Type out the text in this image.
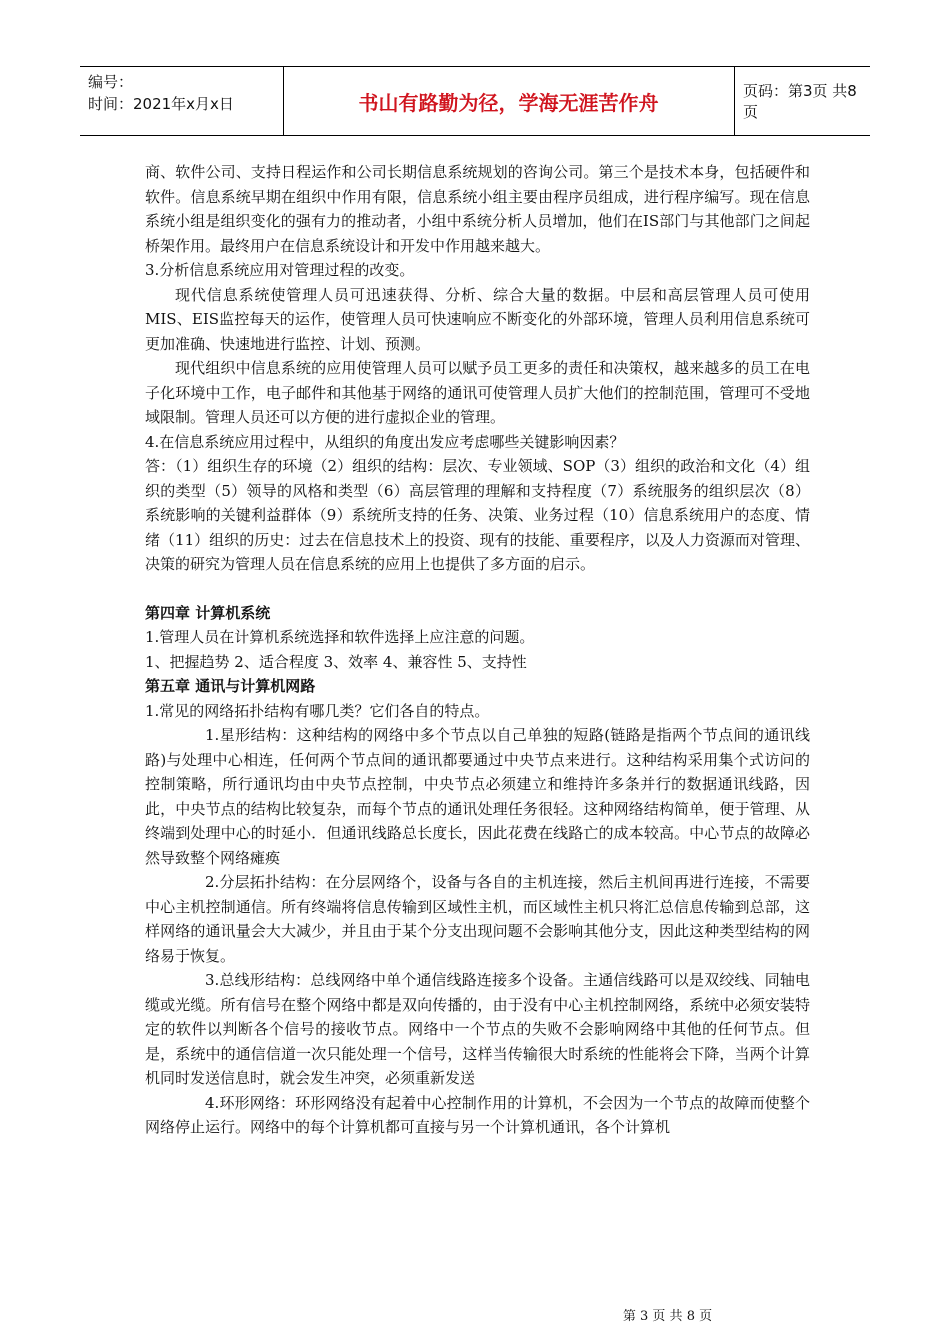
编号：
时间：2021年x月x日	书山有路勤为径，学海无涯苦作舟	页码：第3页 共8页

商、软件公司、支持日程运作和公司长期信息系统规划的咨询公司。第三个是技术本身，包括硬件和软件。信息系统早期在组织中作用有限，信息系统小组主要由程序员组成，进行程序编写。现在信息系统小组是组织变化的强有力的推动者，小组中系统分析人员增加，他们在IS部门与其他部门之间起桥架作用。最终用户在信息系统设计和开发中作用越来越大。

3.分析信息系统应用对管理过程的改变。

现代信息系统使管理人员可迅速获得、分析、综合大量的数据。中层和高层管理人员可使用MIS、EIS监控每天的运作，使管理人员可快速响应不断变化的外部环境，管理人员利用信息系统可更加准确、快速地进行监控、计划、预测。

现代组织中信息系统的应用使管理人员可以赋予员工更多的责任和决策权，越来越多的员工在电子化环境中工作，电子邮件和其他基于网络的通讯可使管理人员扩大他们的控制范围，管理可不受地域限制。管理人员还可以方便的进行虚拟企业的管理。

4.在信息系统应用过程中，从组织的角度出发应考虑哪些关键影响因素？

答：（1）组织生存的环境（2）组织的结构：层次、专业领域、SOP（3）组织的政治和文化（4）组织的类型（5）领导的风格和类型（6）高层管理的理解和支持程度（7）系统服务的组织层次（8）系统影响的关键利益群体（9）系统所支持的任务、决策、业务过程（10）信息系统用户的态度、情绪（11）组织的历史：过去在信息技术上的投资、现有的技能、重要程序，以及人力资源而对管理、决策的研究为管理人员在信息系统的应用上也提供了多方面的启示。

第四章 计算机系统

1.管理人员在计算机系统选择和软件选择上应注意的问题。

1、把握趋势 2、适合程度 3、效率 4、兼容性 5、支持性

第五章 通讯与计算机网路

1.常见的网络拓扑结构有哪几类？它们各自的特点。

1.星形结构：这种结构的网络中多个节点以自己单独的短路(链路是指两个节点间的通讯线路)与处理中心相连，任何两个节点间的通讯都要通过中央节点来进行。这种结构采用集个式访问的控制策略，所行通讯均由中央节点控制，中央节点必须建立和维持许多条并行的数据通讯线路，因此，中央节点的结构比较复杂，而每个节点的通讯处理任务很轻。这种网络结构简单，便于管理、从终端到处理中心的时延小．但通讯线路总长度长，因此花费在线路亡的成本较高。中心节点的故障必然导致整个网络瘫痪

2.分层拓扑结构：在分层网络个，设备与各自的主机连接，然后主机间再进行连接，不需要中心主机控制通信。所有终端将信息传输到区域性主机，而区域性主机只将汇总信息传输到总部，这样网络的通讯量会大大减少，并且由于某个分支出现问题不会影响其他分支，因此这种类型结构的网络易于恢复。

3.总线形结构：总线网络中单个通信线路连接多个设备。主通信线路可以是双绞线、同轴电缆或光缆。所有信号在整个网络中都是双向传播的，由于没有中心主机控制网络，系统中必须安装特定的软件以判断各个信号的接收节点。网络中一个节点的失败不会影响网络中其他的任何节点。但是，系统中的通信信道一次只能处理一个信号，这样当传输很大时系统的性能将会下降，当两个计算机同时发送信息时，就会发生冲突，必须重新发送

4.环形网络：环形网络没有起着中心控制作用的计算机，不会因为一个节点的故障而使整个网络停止运行。网络中的每个计算机都可直接与另一个计算机通讯，各个计算机

第 3 页 共 8 页
